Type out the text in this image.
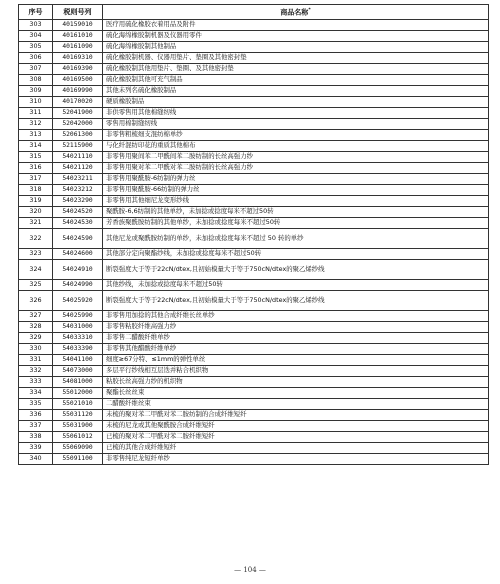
序号	税则号列	商品名称*
303	40159010	医疗用硫化橡胶衣着用品及附件
304	40161010	硫化海绵橡胶制机器及仪器用零件
305	40161090	硫化海绵橡胶制其他制品
306	40169310	硫化橡胶制机器、仪器用垫片、垫圈及其他密封垫
307	40169390	硫化橡胶制其他用垫片、垫圈、及其他密封垫
308	40169500	硫化橡胶制其他可充气制品
309	40169990	其他未列名硫化橡胶制品
310	40170020	硬质橡胶制品
311	52041900	非供零售用其他棉缝纫线
312	52042000	零售用棉制缝纫线
313	52061300	非零售粗梳细支混纺棉单纱
314	52115900	与化纤混纺印花的重质其他棉布
315	54021110	非零售用聚间苯二甲酰间苯二胺纺制的长丝高强力纱
316	54021120	非零售用聚对苯二甲酰对苯二胺纺制的长丝高强力纱
317	54023211	非零售用聚酰胺-6纺制的弹力丝
318	54023212	非零售用聚酰胺-66纺制的弹力丝
319	54023290	非零售用其他细尼龙变形纱线
320	54024520	聚酰胺-6,6纺制的其他单纱，未加捻或捻度每米不超过50转
321	54024530	芳香族聚酰胺纺制的其他单纱，未加捻或捻度每米不超过50转
322	54024590	其他尼龙或聚酰胺纺制的单纱，未加捻或捻度每米不超过 50 转的单纱
323	54024600	其他部分定向聚酯纱线，未加捻或捻度每米不超过50转
324	54024910	断裂强度大于等于22cN/dtex,且初始模量大于等于750cN/dtex的聚乙烯纱线
325	54024990	其他纱线，未加捻或捻度每米不超过50转
326	54025920	断裂强度大于等于22cN/dtex,且初始模量大于等于750cN/dtex的聚乙烯纱线
327	54025990	非零售用加捻的其他合成纤维长丝单纱
328	54031000	非零售粘胶纤维高强力纱
329	54033310	非零售二醋酸纤维单纱
330	54033390	非零售其他醋酸纤维单纱
331	54041100	细度≥67分特、≤1mm的弹性单丝
332	54073000	多层平行纱线相互层迭并粘合机织物
333	54081000	粘胶长丝高强力纱的机织物
334	55012000	聚酯长丝丝束
335	55021010	二醋酸纤维丝束
336	55031120	未梳的聚对苯二甲酰对苯二胺纺制的合成纤维短纤
337	55031900	未梳的尼龙或其他聚酰胺合成纤维短纤
338	55061012	已梳的聚对苯二甲酰对苯二胺纤维短纤
339	55069090	已梳的其他合成纤维短纤
340	55091100	非零售纯尼龙短纤单纱
— 104 —
